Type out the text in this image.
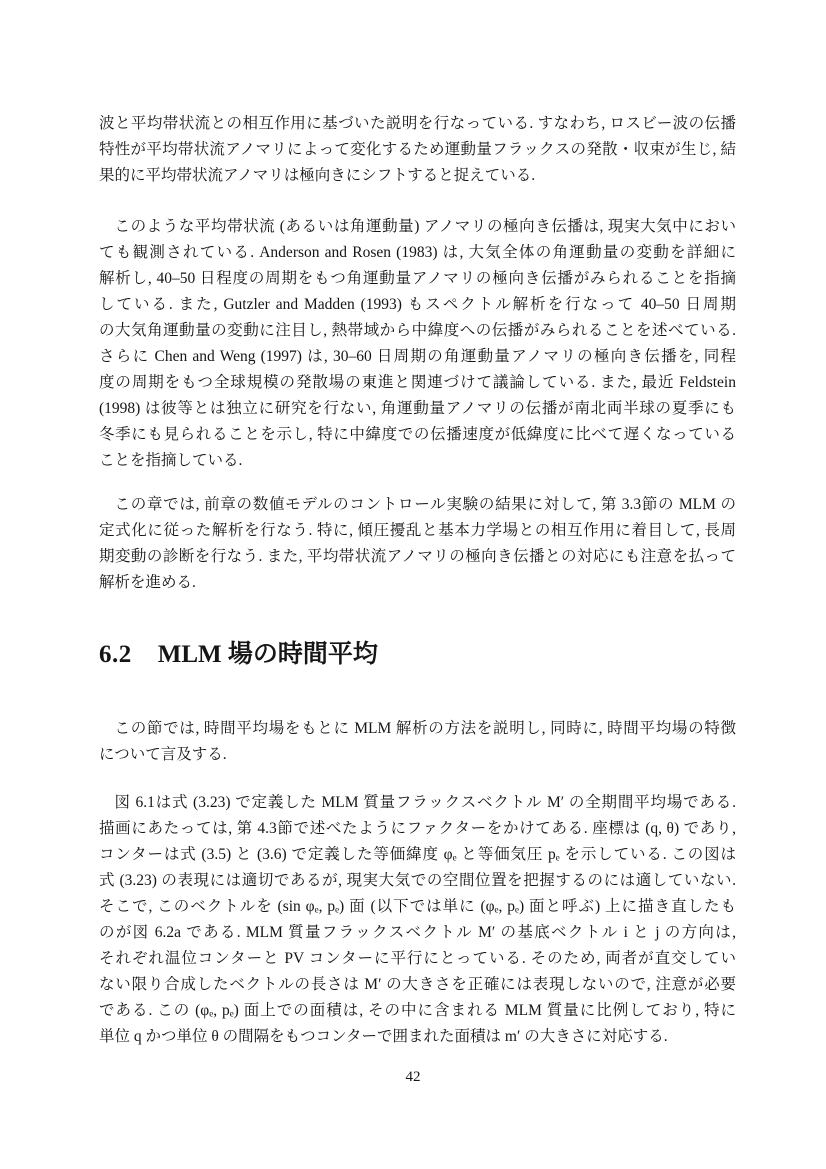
波と平均帯状流との相互作用に基づいた説明を行なっている. すなわち, ロスビー波の伝播
特性が平均帯状流アノマリによって変化するため運動量フラックスの発散・収束が生じ, 結
果的に平均帯状流アノマリは極向きにシフトすると捉えている.
このような平均帯状流 (あるいは角運動量) アノマリの極向き伝播は, 現実大気中におい
ても観測されている. Anderson and Rosen (1983) は, 大気全体の角運動量の変動を詳細に
解析し, 40–50 日程度の周期をもつ角運動量アノマリの極向き伝播がみられることを指摘
している. また, Gutzler and Madden (1993) もスペクトル解析を行なって 40–50 日周期
の大気角運動量の変動に注目し, 熱帯域から中緯度への伝播がみられることを述べている.
さらに Chen and Weng (1997) は, 30–60 日周期の角運動量アノマリの極向き伝播を, 同程
度の周期をもつ全球規模の発散場の東進と関連づけて議論している. また, 最近 Feldstein
(1998) は彼等とは独立に研究を行ない, 角運動量アノマリの伝播が南北両半球の夏季にも
冬季にも見られることを示し, 特に中緯度での伝播速度が低緯度に比べて遅くなっている
ことを指摘している.
この章では, 前章の数値モデルのコントロール実験の結果に対して, 第 3.3節の MLM の
定式化に従った解析を行なう. 特に, 傾圧擾乱と基本力学場との相互作用に着目して, 長周
期変動の診断を行なう. また, 平均帯状流アノマリの極向き伝播との対応にも注意を払って
解析を進める.
6.2 MLM 場の時間平均
この節では, 時間平均場をもとに MLM 解析の方法を説明し, 同時に, 時間平均場の特徴
について言及する.
図 6.1は式 (3.23) で定義した MLM 質量フラックスベクトル M′ の全期間平均場である.
描画にあたっては, 第 4.3節で述べたようにファクターをかけてある. 座標は (q, θ) であり,
コンターは式 (3.5) と (3.6) で定義した等価緯度 φₑ と等価気圧 pₑ を示している. この図は
式 (3.23) の表現には適切であるが, 現実大気での空間位置を把握するのには適していない.
そこで, このベクトルを (sin φₑ, pₑ) 面 (以下では単に (φₑ, pₑ) 面と呼ぶ) 上に描き直したも
のが図 6.2a である. MLM 質量フラックスベクトル M′ の基底ベクトル i と j の方向は,
それぞれ温位コンターと PV コンターに平行にとっている. そのため, 両者が直交してい
ない限り合成したベクトルの長さは M′ の大きさを正確には表現しないので, 注意が必要
である. この (φₑ, pₑ) 面上での面積は, その中に含まれる MLM 質量に比例しており, 特に
単位 q かつ単位 θ の間隔をもつコンターで囲まれた面積は m′ の大きさに対応する.
42
